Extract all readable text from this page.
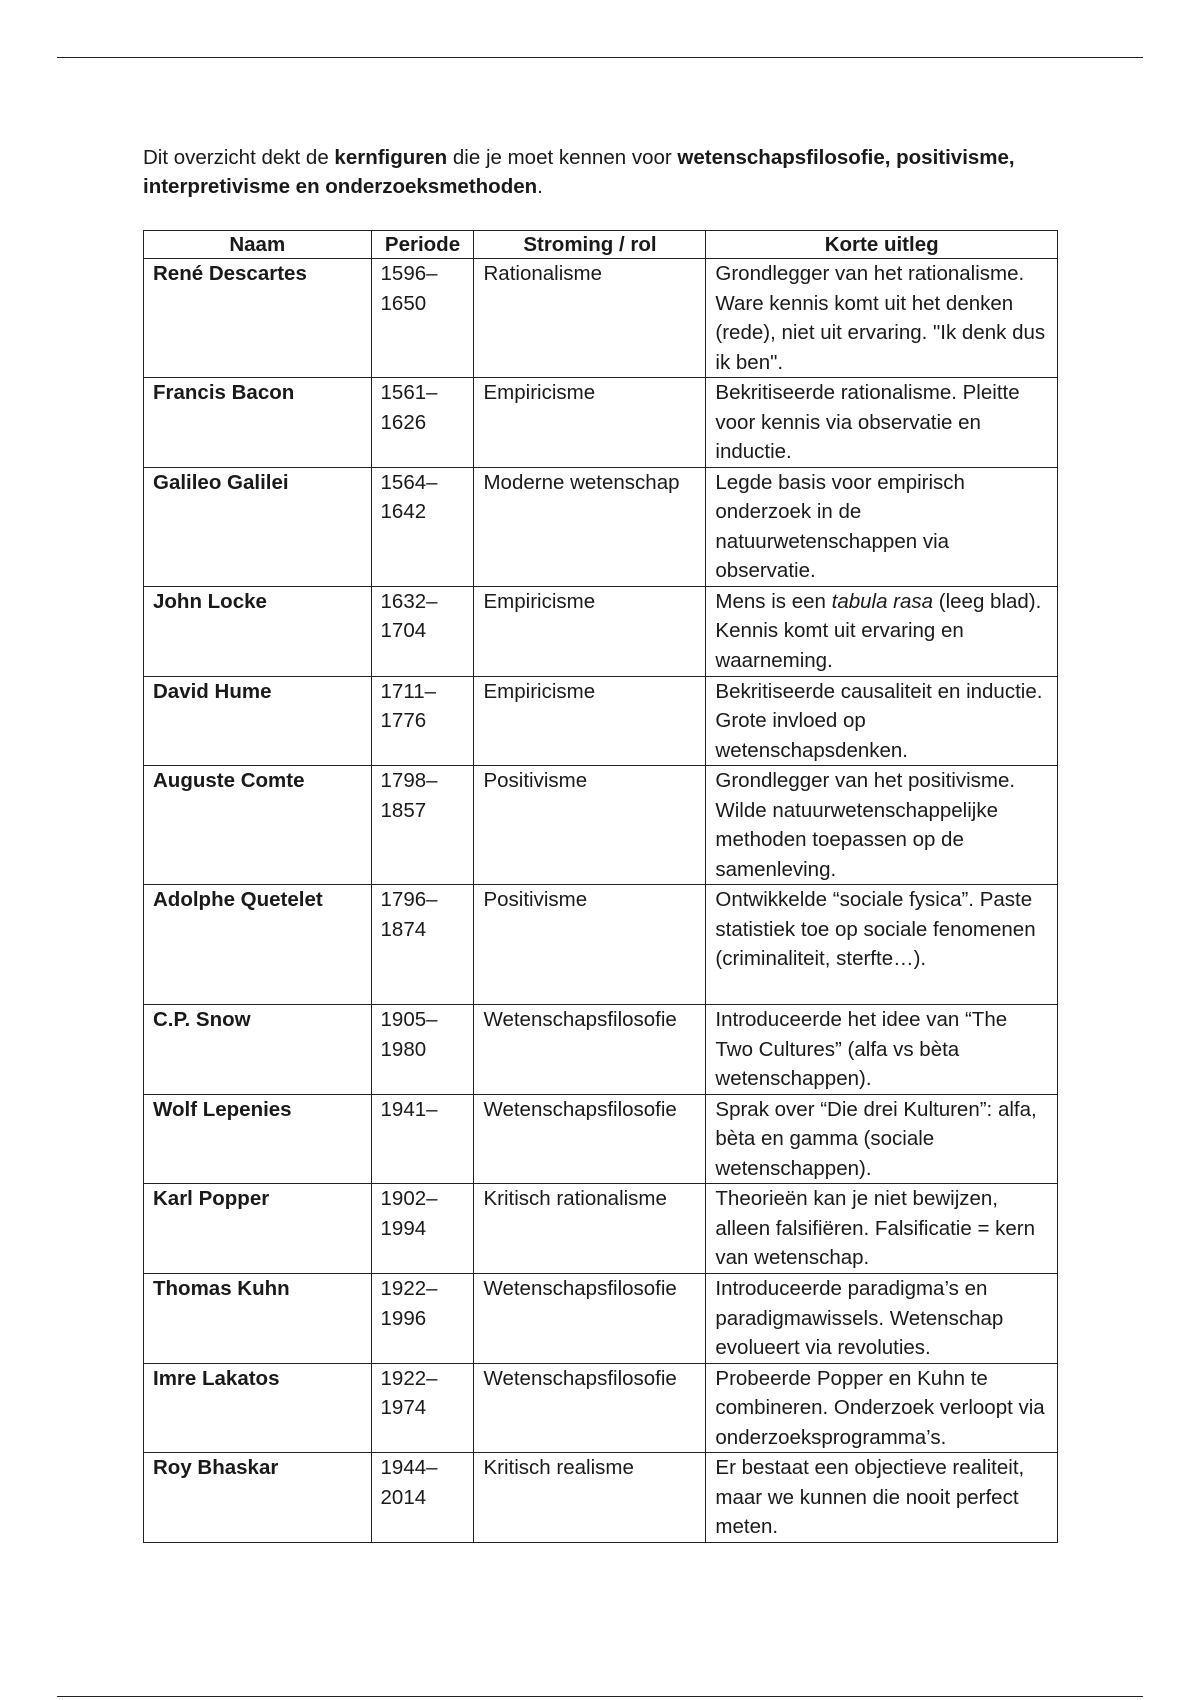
Dit overzicht dekt de kernfiguren die je moet kennen voor wetenschapsfilosofie, positivisme, interpretivisme en onderzoeksmethoden.

Naam	Periode	Stroming / rol	Korte uitleg
René Descartes	1596–1650	Rationalisme	Grondlegger van het rationalisme. Ware kennis komt uit het denken (rede), niet uit ervaring. "Ik denk dus ik ben".
Francis Bacon	1561–1626	Empiricisme	Bekritiseerde rationalisme. Pleitte voor kennis via observatie en inductie.
Galileo Galilei	1564–1642	Moderne wetenschap	Legde basis voor empirisch onderzoek in de natuurwetenschappen via observatie.
John Locke	1632–1704	Empiricisme	Mens is een tabula rasa (leeg blad). Kennis komt uit ervaring en waarneming.
David Hume	1711–1776	Empiricisme	Bekritiseerde causaliteit en inductie. Grote invloed op wetenschapsdenken.
Auguste Comte	1798–1857	Positivisme	Grondlegger van het positivisme. Wilde natuurwetenschappelijke methoden toepassen op de samenleving.
Adolphe Quetelet	1796–1874	Positivisme	Ontwikkelde “sociale fysica”. Paste statistiek toe op sociale fenomenen (criminaliteit, sterfte…).
C.P. Snow	1905–1980	Wetenschapsfilosofie	Introduceerde het idee van “The Two Cultures” (alfa vs bèta wetenschappen).
Wolf Lepenies	1941–	Wetenschapsfilosofie	Sprak over “Die drei Kulturen”: alfa, bèta en gamma (sociale wetenschappen).
Karl Popper	1902–1994	Kritisch rationalisme	Theorieën kan je niet bewijzen, alleen falsifiëren. Falsificatie = kern van wetenschap.
Thomas Kuhn	1922–1996	Wetenschapsfilosofie	Introduceerde paradigma’s en paradigmawissels. Wetenschap evolueert via revoluties.
Imre Lakatos	1922–1974	Wetenschapsfilosofie	Probeerde Popper en Kuhn te combineren. Onderzoek verloopt via onderzoeksprogramma’s.
Roy Bhaskar	1944–2014	Kritisch realisme	Er bestaat een objectieve realiteit, maar we kunnen die nooit perfect meten.
